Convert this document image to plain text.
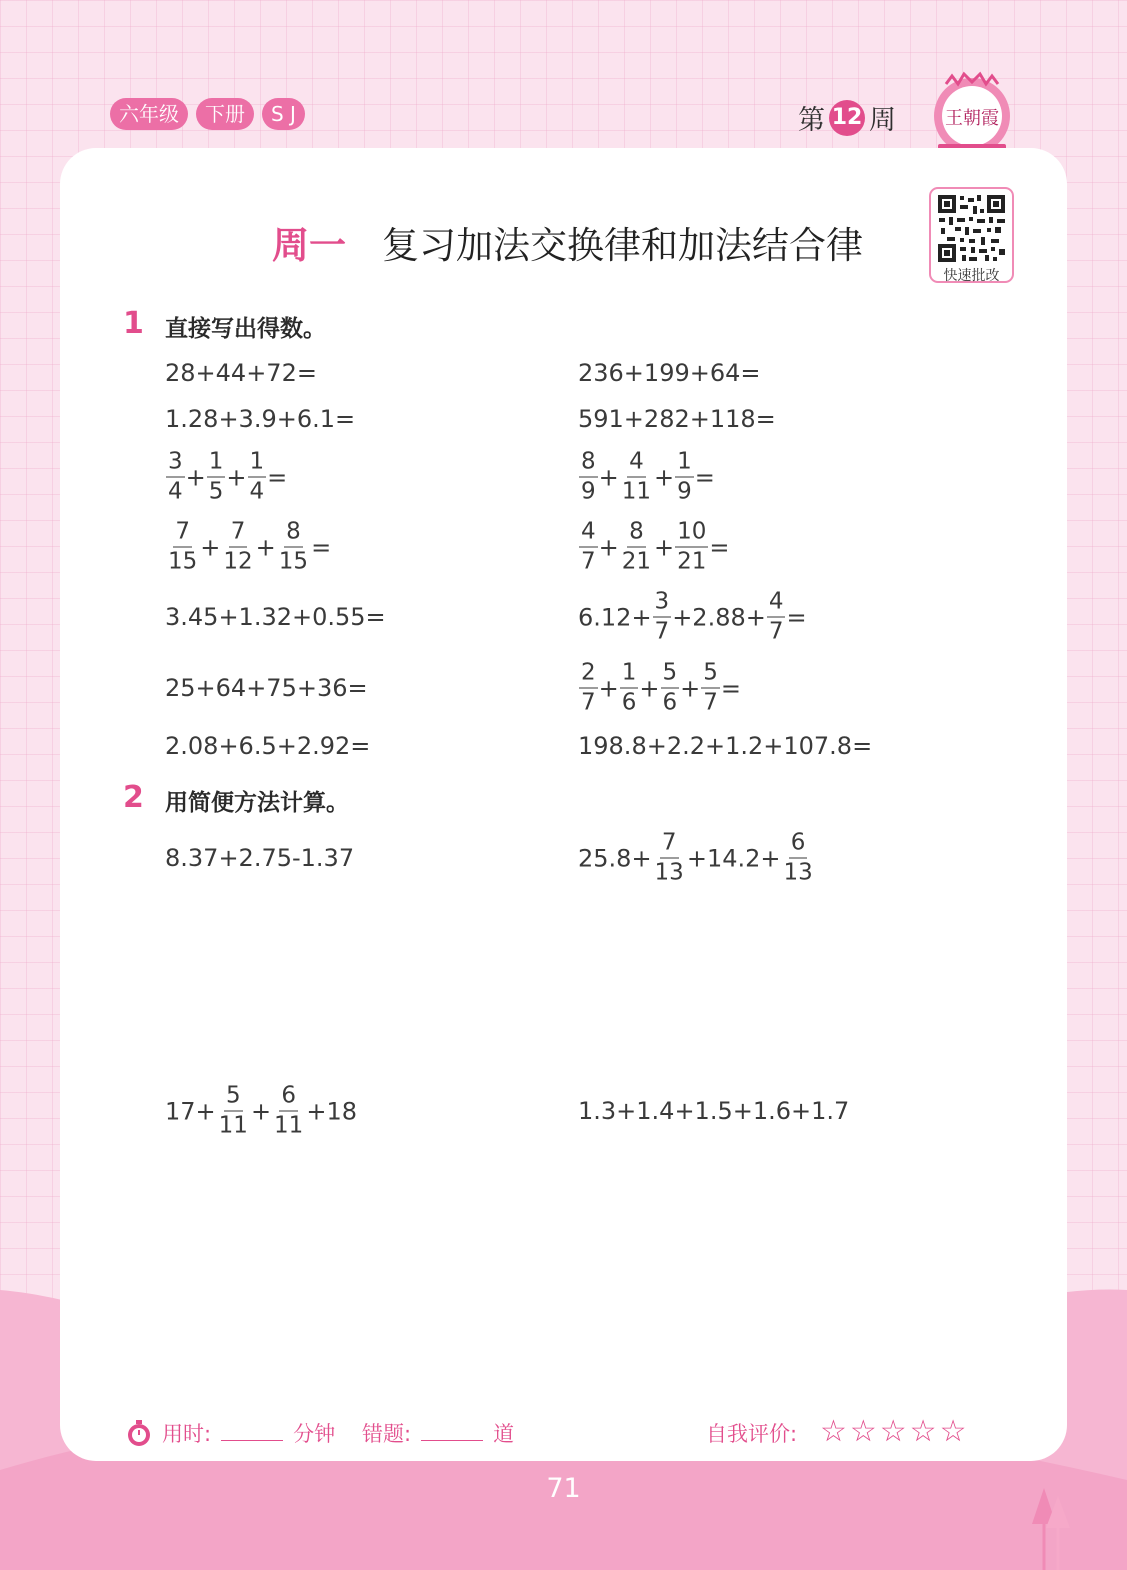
六年级	下册	S J	第 12 周	王朝霞
快速批改
周一 复习加法交换律和加法结合律
1 直接写出得数。
28+44+72=	236+199+64=
1.28+3.9+6.1=	591+282+118=
$\frac{3}{4} + \frac{1}{5} + \frac{1}{4}$ =	$\frac{8}{9} + \frac{4}{11} + \frac{1}{9}$ =
$\frac{7}{15} + \frac{7}{12} + \frac{8}{15}$ =	$\frac{4}{7} + \frac{8}{21} + \frac{10}{21}$ =
3.45+1.32+0.55=	$6.12+ \frac{3}{7} +2.88+ \frac{4}{7}$ =
25+64+75+36=	$\frac{2}{7} + \frac{1}{6} + \frac{5}{6} + \frac{5}{7}$ =
2.08+6.5+2.92=	198.8+2.2+1.2+107.8=
2 用简便方法计算。
8.37+2.75-1.37	$25.8+ \frac{7}{13} +14.2+ \frac{6}{13}$
$17+ \frac{5}{11} + \frac{6}{11} +18$	1.3+1.4+1.5+1.6+1.7
用时:	分钟 错题:	道	自我评价: ☆☆☆☆☆
71
